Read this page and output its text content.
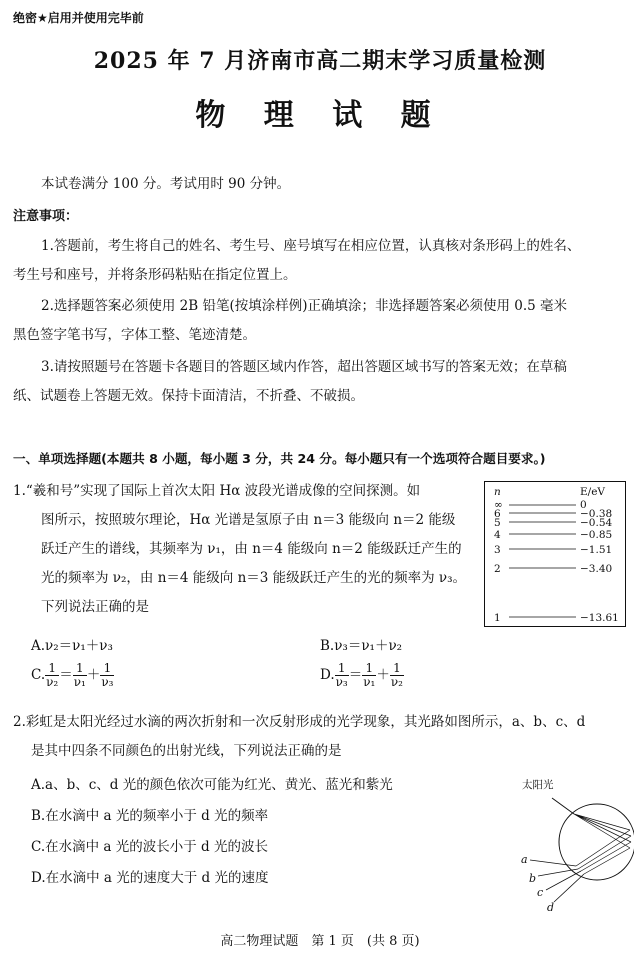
绝密★启用并使用完毕前
2025 年 7 月济南市高二期末学习质量检测
物 理 试 题
本试卷满分 100 分。考试用时 90 分钟。
注意事项：
1.答题前，考生将自己的姓名、考生号、座号填写在相应位置，认真核对条形码上的姓名、
考生号和座号，并将条形码粘贴在指定位置上。
2.选择题答案必须使用 2B 铅笔(按填涂样例)正确填涂；非选择题答案必须使用 0.5 毫米
黑色签字笔书写，字体工整、笔迹清楚。
3.请按照题号在答题卡各题目的答题区域内作答，超出答题区域书写的答案无效；在草稿
纸、试题卷上答题无效。保持卡面清洁，不折叠、不破损。
一、单项选择题(本题共 8 小题，每小题 3 分，共 24 分。每小题只有一个选项符合题目要求。)
1.“羲和号”实现了国际上首次太阳 Hα 波段光谱成像的空间探测。如
图所示，按照玻尔理论，Hα 光谱是氢原子由 n＝3 能级向 n＝2 能级
跃迁产生的谱线，其频率为 ν₁，由 n＝4 能级向 n＝2 能级跃迁产生的
光的频率为 ν₂，由 n＝4 能级向 n＝3 能级跃迁产生的光的频率为 ν₃。
下列说法正确的是
A.ν₂＝ν₁＋ν₃	B.ν₃＝ν₁＋ν₂
C. $\frac{1}{\text{ν₂}} = \frac{1}{\text{ν₁}} + \frac{1}{\text{ν₃}}$	D. $\frac{1}{\text{ν₃}} = \frac{1}{\text{ν₁}} + \frac{1}{\text{ν₂}}$
n	E/eV
∞	0
6	−0.38
5	−0.54
4	−0.85
3	−1.51
2	−3.40
1	−13.61
2.彩虹是太阳光经过水滴的两次折射和一次反射形成的光学现象，其光路如图所示，a、b、c、d
是其中四条不同颜色的出射光线，下列说法正确的是
A.a、b、c、d 光的颜色依次可能为红光、黄光、蓝光和紫光
B.在水滴中 a 光的频率小于 d 光的频率
C.在水滴中 a 光的波长小于 d 光的波长
D.在水滴中 a 光的速度大于 d 光的速度
太阳光
a
b
c
d
高二物理试题　第 1 页　(共 8 页)
